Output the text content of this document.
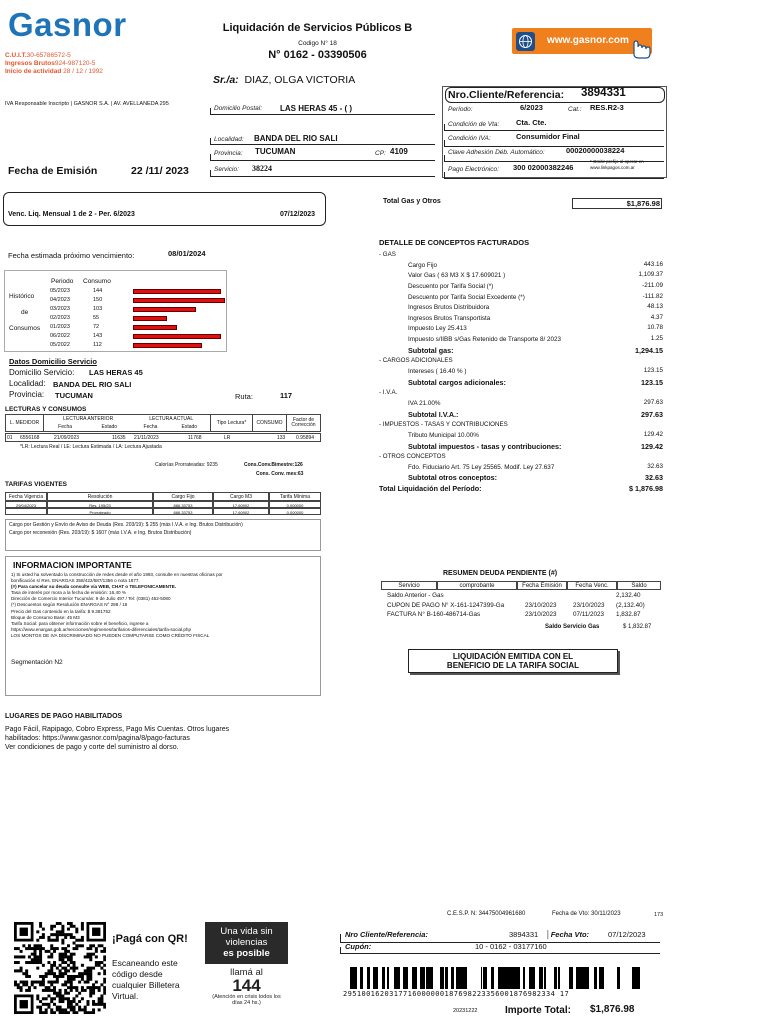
Gasnor
C.U.I.T.30-65786572-5
Ingresos Brutos924-987120-5
Inicio de actividad 28 / 12 / 1992
IVA Responsable Inscripto | GASNOR S.A. | AV. AVELLANEDA 295
Liquidación de Servicios Públicos B
Codigo N° 18
N° 0162 - 03390506
www.gasnor.com
Sr./a: DIAZ, OLGA VICTORIA
Domicilio Postal: LAS HERAS 45 - ( )
Localidad: BANDA DEL RIO SALI
Provincia: TUCUMAN	CP: 4109
Servicio: 38224
Nro.Cliente/Referencia: 3894331
Período:	6/2023	Cat.: RES.R2-3
Condición de Vta: Cta. Cte.
Condición IVA:	Consumidor Final
Clave Adhesión Déb. Automático:	00020000038224
Pago Electrónico: 300 02000382246
* Omitir prefijo al operar en www.linkpagos.com.ar
Fecha de Emisión	22 /11/ 2023
Venc. Liq. Mensual 1 de 2 - Per. 6/2023	07/12/2023
Fecha estimada próximo vencimiento:	08/01/2024
Periodo Consumo
Histórico
de
Consumos
05/2023	144
04/2023	150
03/2023	103
02/2023	55
01/2023	72
06/2022	143
05/2022	112
Datos Domicilio Servicio
Domicilio Servicio: LAS HERAS 45
Localidad: BANDA DEL RIO SALI
Provincia: TUCUMAN	Ruta:	117
LECTURAS Y CONSUMOS
L. MEDIDOR	LECTURA ANTERIOR		LECTURA ACTUAL		Tipo Lectura*	CONSUMO	Factor de Corrección
	Fecha	Estado	Fecha	Estado			
01 6556168	21/09/2023	11635 21/11/2023	11768	LR	133 0.95894
*LR: Lectura Real / LE: Lectura Estimada / LA: Lectura Ajustada
Calorías Prorrateadas: 9235	Cons.Conv.Bimestre:126
Cons. Conv. mes:63
TARIFAS VIGENTES
Fecha Vigencia	Resolución	Cargo Fijo	Cargo M3	Tarifa Mínima
29/04/2023	Res. 195/23	886.33753	17.60902	0.000000
Prorrateado	886.33753	17.60902	0.000000
Cargo por Gestión y Envío de Aviso de Deuda (Res. 203/19): $ 255 (más I.V.A. e Ing. Brutos Distribución)
Cargo por reconexión (Res. 203/19): $ 1607 (más I.V.A. e Ing. Brutos Distribución)
INFORMACION IMPORTANTE
1) Si usted ha solventado la construcción de redes desde el año 1993, consulte en nuestras oficinas por
bonificación s/ Res. ENARGAS 358/422/587/1356 o nota 1877.
(#) Para cancelar su deuda consulte vía WEB, CHAT o TELEFONICAMENTE.
Tasa de interés por mora a la fecha de emisión: 16.40 %
Dirección de Comercio Interior Tucumán: 9 de Julio 497 / Tel: (0381) 452-5080
(*) Descuentos según Resolución ENARGAS N° 288 / 18
Precio del Gas contenido en la tarifa: $ 9.381752
Bloque de Consumo Base: 45 M3
Tarifa Social: para obtener información sobre el beneficio, ingrese a
https://www.enargas.gob.ar/secciones/regimenes/tarifarios-diferenciales/tarifa-social.php
LOS MONTOS DE IVA DISCRIMINADO NO PUEDEN COMPUTARSE COMO CRÉDITO FISCAL
Segmentación N2
LUGARES DE PAGO HABILITADOS
Pago Fácil, Rapipago, Cobro Express, Pago Mis Cuentas. Otros lugares
habilitados: https://www.gasnor.com/pagina/8/pago-facturas
Ver condiciones de pago y corte del suministro al dorso.
Total Gas y Otros	$1,876.98
DETALLE DE CONCEPTOS FACTURADOS
- GAS
Cargo Fijo	443.16
Valor Gas ( 63 M3 X $ 17.609021 )	1,109.37
Descuento por Tarifa Social (*)	-211.09
Descuento por Tarifa Social Excedente (*)	-111.82
Ingresos Brutos Distribuidora	48.13
Ingresos Brutos Transportista	4.37
Impuesto Ley 25.413	10.78
Impuesto s/IIBB s/Gas Retenido de Transporte 8/ 2023	1.25
Subtotal gas:	1,294.15
- CARGOS ADICIONALES
Intereses ( 16.40 % )	123.15
Subtotal cargos adicionales:	123.15
- I.V.A.
IVA 21.00%	297.63
Subtotal I.V.A.:	297.63
- IMPUESTOS - TASAS Y CONTRIBUCIONES
Tributo Municipal 10.00%	129.42
Subtotal impuestos - tasas y contribuciones:	129.42
- OTROS CONCEPTOS
Fdo. Fiduciario Art. 75 Ley 25565. Modif. Ley 27.637	32.63
Subtotal otros conceptos:	32.63
Total Liquidación del Período:	$ 1,876.98
RESUMEN DEUDA PENDIENTE (#)
Servicio	comprobante	Fecha Emisión	Fecha Venc.	Saldo
Saldo Anterior - Gas	2,132.40
CUPON DE PAGO N° X-161-1247399-Ga	23/10/2023	23/10/2023 (2,132.40)
FACTURA N° B-160-486714-Gas	23/10/2023	07/11/2023 1,832.87
Saldo Servicio Gas	$ 1,832.87
LIQUIDACIÓN EMITIDA CON EL
BENEFICIO DE LA TARIFA SOCIAL
¡Pagá con QR!
Escaneando este
código desde
cualquier Billetera
Virtual.
Una vida sin
violencias
es posible
llamá al
144
(Atención en crisis todos los días 24 hs.)
C.E.S.P. N: 34475004961680	Fecha de Vto: 30/11/2023	173
Nro Cliente/Referencia:	3894331 │Fecha Vto:	07/12/2023
Cupón:	10 - 0162 - 03177160
2951001620317716000000187698223356001876982334 17
20231222	Importe Total: $1,876.98
